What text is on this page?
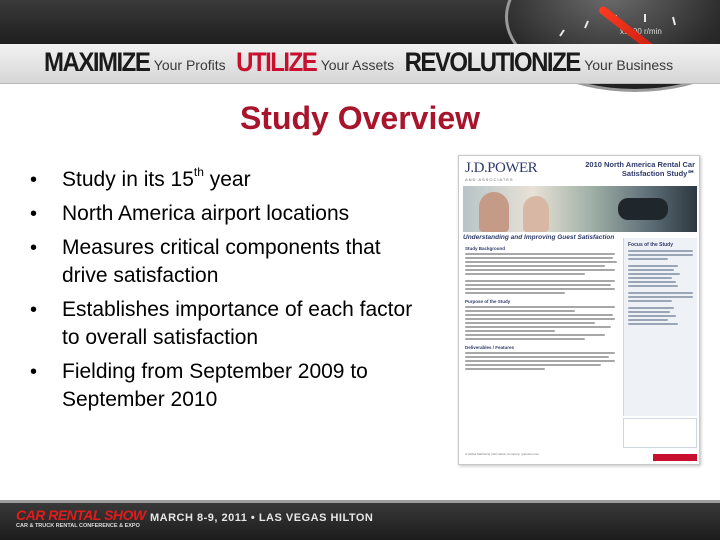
x1000 r/min
MAXIMIZE Your Profits UTILIZE Your Assets REVOLUTIONIZE Your Business
Study Overview
• Study in its 15th year
• North America airport locations
• Measures critical components that drive satisfaction
• Establishes importance of each factor to overall satisfaction
• Fielding from September 2009 to September 2010
J.D.POWER
AND ASSOCIATES
2010 North America Rental Car Satisfaction Study℠
Understanding and Improving Guest Satisfaction
Study Background
Purpose of the Study
Deliverables / Features
Focus of the Study
A Global Marketing Information Company | jdpower.com
CAR RENTAL SHOW
CAR & TRUCK RENTAL CONFERENCE & EXPO
MARCH 8-9, 2011 • LAS VEGAS HILTON
